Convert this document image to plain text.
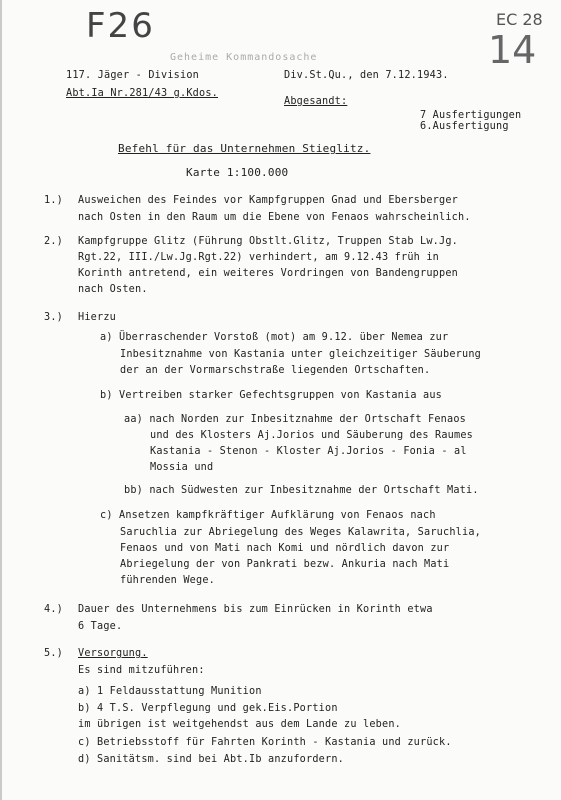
F26	EC 28
14
Geheime Kommandosache
117. Jäger - Division
Abt.Ia Nr.281/43 g.Kdos.
Div.St.Qu., den 7.12.1943.
Abgesandt:
7 Ausfertigungen
6.Ausfertigung
Befehl für das Unternehmen Stieglitz.
Karte 1:100.000
1.) Ausweichen des Feindes vor Kampfgruppen Gnad und Ebersberger
nach Osten in den Raum um die Ebene von Fenaos wahrscheinlich.
2.) Kampfgruppe Glitz (Führung Obstlt.Glitz, Truppen Stab Lw.Jg.
Rgt.22, III./Lw.Jg.Rgt.22) verhindert, am 9.12.43 früh in
Korinth antretend, ein weiteres Vordringen von Bandengruppen
nach Osten.
3.) Hierzu
a) Überraschender Vorstoß (mot) am 9.12. über Nemea zur
Inbesitznahme von Kastania unter gleichzeitiger Säuberung
der an der Vormarschstraße liegenden Ortschaften.
b) Vertreiben starker Gefechtsgruppen von Kastania aus
aa) nach Norden zur Inbesitznahme der Ortschaft Fenaos
und des Klosters Aj.Jorios und Säuberung des Raumes
Kastania - Stenon - Kloster Aj.Jorios - Fonia - al
Mossia und
bb) nach Südwesten zur Inbesitznahme der Ortschaft Mati.
c) Ansetzen kampfkräftiger Aufklärung von Fenaos nach
Saruchlia zur Abriegelung des Weges Kalawrita, Saruchlia,
Fenaos und von Mati nach Komi und nördlich davon zur
Abriegelung der von Pankrati bezw. Ankuria nach Mati
führenden Wege.
4.) Dauer des Unternehmens bis zum Einrücken in Korinth etwa
6 Tage.
5.) Versorgung.
Es sind mitzuführen:
a) 1 Feldausstattung Munition
b) 4 T.S. Verpflegung und gek.Eis.Portion
im übrigen ist weitgehendst aus dem Lande zu leben.
c) Betriebsstoff für Fahrten Korinth - Kastania und zurück.
d) Sanitätsm. sind bei Abt.Ib anzufordern.
